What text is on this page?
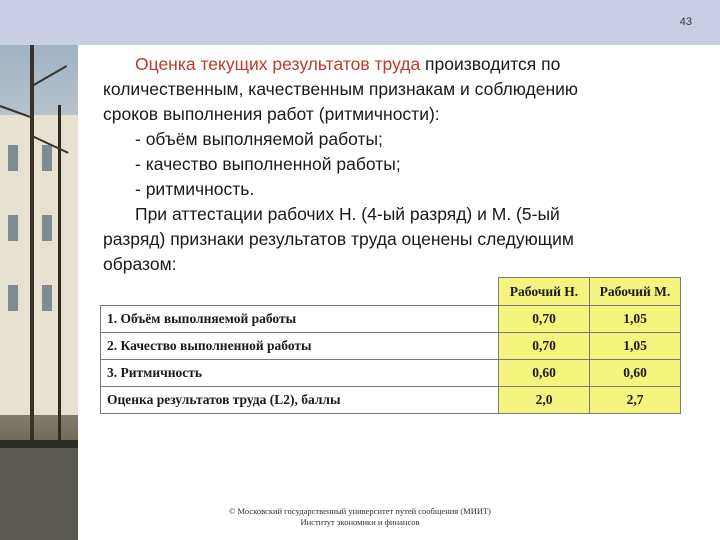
43

Оценка текущих результатов труда производится по

количественным, качественным признакам и соблюдению

сроков выполнения работ (ритмичности):

- объём выполняемой работы;

- качество выполненной работы;

- ритмичность.

При аттестации рабочих Н. (4-ый разряд) и М. (5-ый

разряд) признаки результатов труда оценены следующим

образом:

	Рабочий Н.	Рабочий М.
1. Объём выполняемой работы	0,70	1,05
2. Качество выполненной работы	0,70	1,05
3. Ритмичность	0,60	0,60
Оценка результатов труда (L2), баллы	2,0	2,7
© Московский государственный университет путей сообщения (МИИТ)
Институт экономики и финансов
